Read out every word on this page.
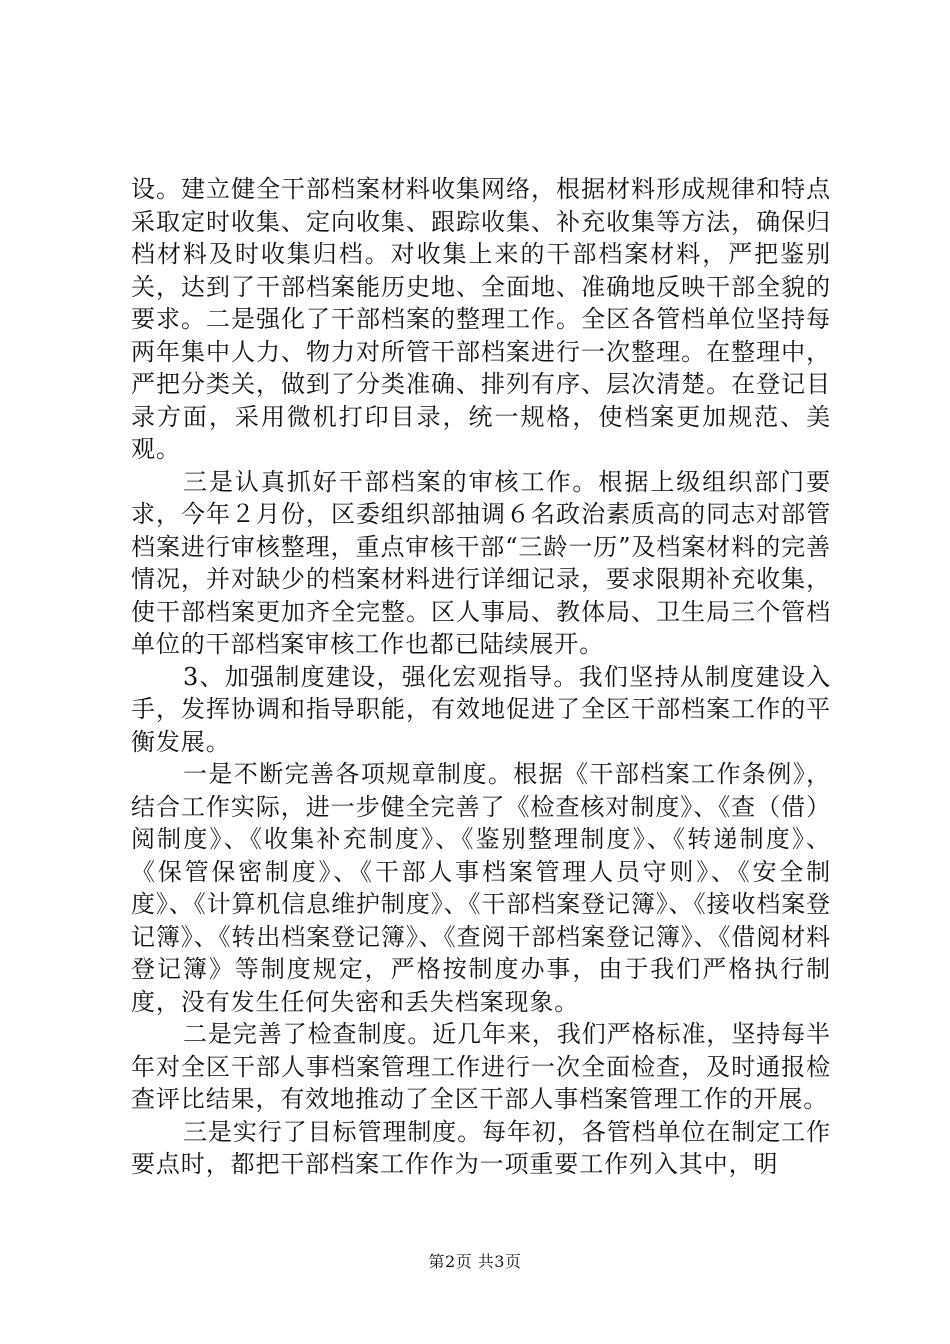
设。建立健全干部档案材料收集网络，根据材料形成规律和特点采取定时收集、定向收集、跟踪收集、补充收集等方法，确保归档材料及时收集归档。对收集上来的干部档案材料，严把鉴别关，达到了干部档案能历史地、全面地、准确地反映干部全貌的要求。二是强化了干部档案的整理工作。全区各管档单位坚持每两年集中人力、物力对所管干部档案进行一次整理。在整理中，严把分类关，做到了分类准确、排列有序、层次清楚。在登记目录方面，采用微机打印目录，统一规格，使档案更加规范、美观。

三是认真抓好干部档案的审核工作。根据上级组织部门要求，今年２月份，区委组织部抽调６名政治素质高的同志对部管档案进行审核整理，重点审核干部“三龄一历”及档案材料的完善情况，并对缺少的档案材料进行详细记录，要求限期补充收集，使干部档案更加齐全完整。区人事局、教体局、卫生局三个管档单位的干部档案审核工作也都已陆续展开。

3、加强制度建设，强化宏观指导。我们坚持从制度建设入手，发挥协调和指导职能，有效地促进了全区干部档案工作的平衡发展。

一是不断完善各项规章制度。根据《干部档案工作条例》，结合工作实际，进一步健全完善了《检查核对制度》、《查（借）阅制度》、《收集补充制度》、《鉴别整理制度》、《转递制度》、《保管保密制度》、《干部人事档案管理人员守则》、《安全制度》、《计算机信息维护制度》、《干部档案登记簿》、《接收档案登记簿》、《转出档案登记簿》、《查阅干部档案登记簿》、《借阅材料登记簿》等制度规定，严格按制度办事，由于我们严格执行制度，没有发生任何失密和丢失档案现象。

二是完善了检查制度。近几年来，我们严格标准，坚持每半年对全区干部人事档案管理工作进行一次全面检查，及时通报检查评比结果，有效地推动了全区干部人事档案管理工作的开展。

三是实行了目标管理制度。每年初，各管档单位在制定工作要点时，都把干部档案工作作为一项重要工作列入其中，明

第2页 共3页
